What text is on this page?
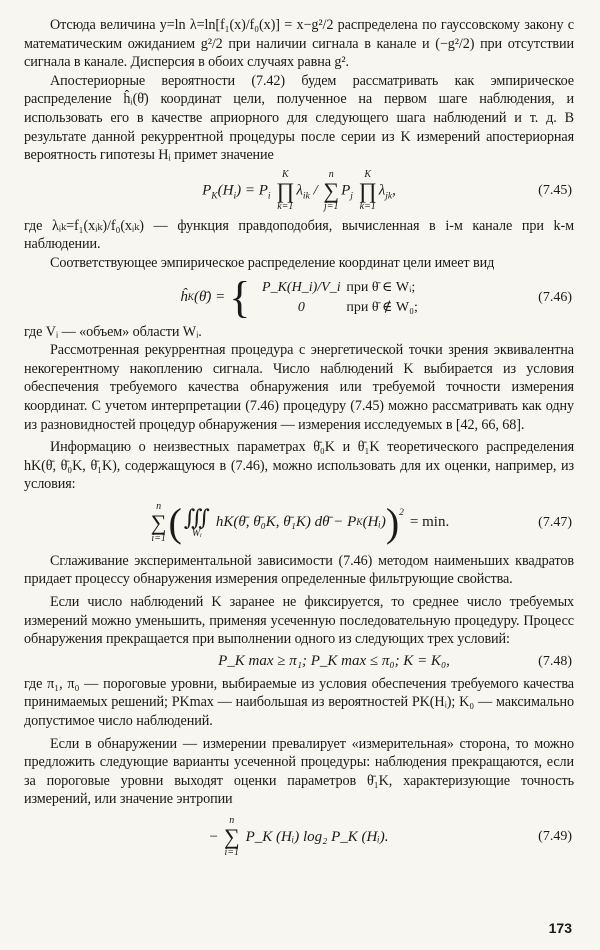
Отсюда величина y=ln λ=ln[f₁(x)/f₀(x)] = x−g²/2 распределена по гауссовскому закону с математическим ожиданием g²/2 при наличии сигнала в канале и (−g²/2) при отсутствии сигнала в канале. Дисперсия в обоих случаях равна g².

Апостериорные вероятности (7.42) будем рассматривать как эмпирическое распределение ĥᵢ(θ̄) координат цели, полученное на первом шаге наблюдения, и использовать его в качестве априорного для следующего шага наблюдений и т. д. В результате данной рекуррентной процедуры после серии из K измерений апостериорная вероятность гипотезы Hᵢ примет значение

$P_K(H_i) = P_i$
K
∏
k=1
$\lambda_{ik}$ /
n
∑
j=1
$P_j$
K
∏
k=1
$\lambda_{jk}$,	(7.45)

где λᵢₖ=f₁(xᵢₖ)/f₀(xᵢₖ) — функция правдоподобия, вычисленная в i-м канале при k-м наблюдении.

Соответствующее эмпирическое распределение координат цели имеет вид

ĥ K (θ̄) = { P_K(H_i)/V_i при θ̄ ∈ Wᵢ;
0	при θ̄ ∉ W₀;
(7.46)

где Vᵢ — «объем» области Wᵢ.

Рассмотренная рекуррентная процедура с энергетической точки зрения эквивалентна некогерентному накоплению сигнала. Число наблюдений K выбирается из условия обеспечения требуемого качества обнаружения или требуемой точности измерения координат. С учетом интерпретации (7.46) процедуру (7.45) можно рассматривать как одну из разновидностей процедур обнаружения — измерения исследуемых в [42, 66, 68].

Информацию о неизвестных параметрах θ̄₀K и θ̄₁K теоретического распределения hK(θ̄, θ̄₀K, θ̄₁K), содержащуюся в (7.46), можно использовать для их оценки, например, из условия:

n
∑
i=1 ( ∭
Wᵢ
hK(θ̄, θ̄₀K, θ̄₁K) dθ̄ − P K (Hᵢ) )$^2$
= min.	(7.47)

Сглаживание экспериментальной зависимости (7.46) методом наименьших квадратов придает процессу обнаружения измерения определенные фильтрующие свойства.

Если число наблюдений K заранее не фиксируется, то среднее число требуемых измерений можно уменьшить, применяя усеченную последовательную процедуру. Процесс обнаружения прекращается при выполнении одного из следующих трех условий:

P_K max ≥ π₁; P_K max ≤ π₀; K = K₀,	(7.48)

где π₁, π₀ — пороговые уровни, выбираемые из условия обеспечения требуемого качества принимаемых решений; PKmax — наибольшая из вероятностей PK(Hᵢ); K₀ — максимально допустимое число наблюдений.

Если в обнаружении — измерении превалирует «измерительная» сторона, то можно предложить следующие варианты усеченной процедуры: наблюдения прекращаются, если за пороговые уровни выходят оценки параметров θ̄₁K, характеризующие точность измерений, или значение энтропии

−
n
∑
i=1
P_K (Hᵢ) log₂ P_K (Hᵢ).	(7.49)
173
